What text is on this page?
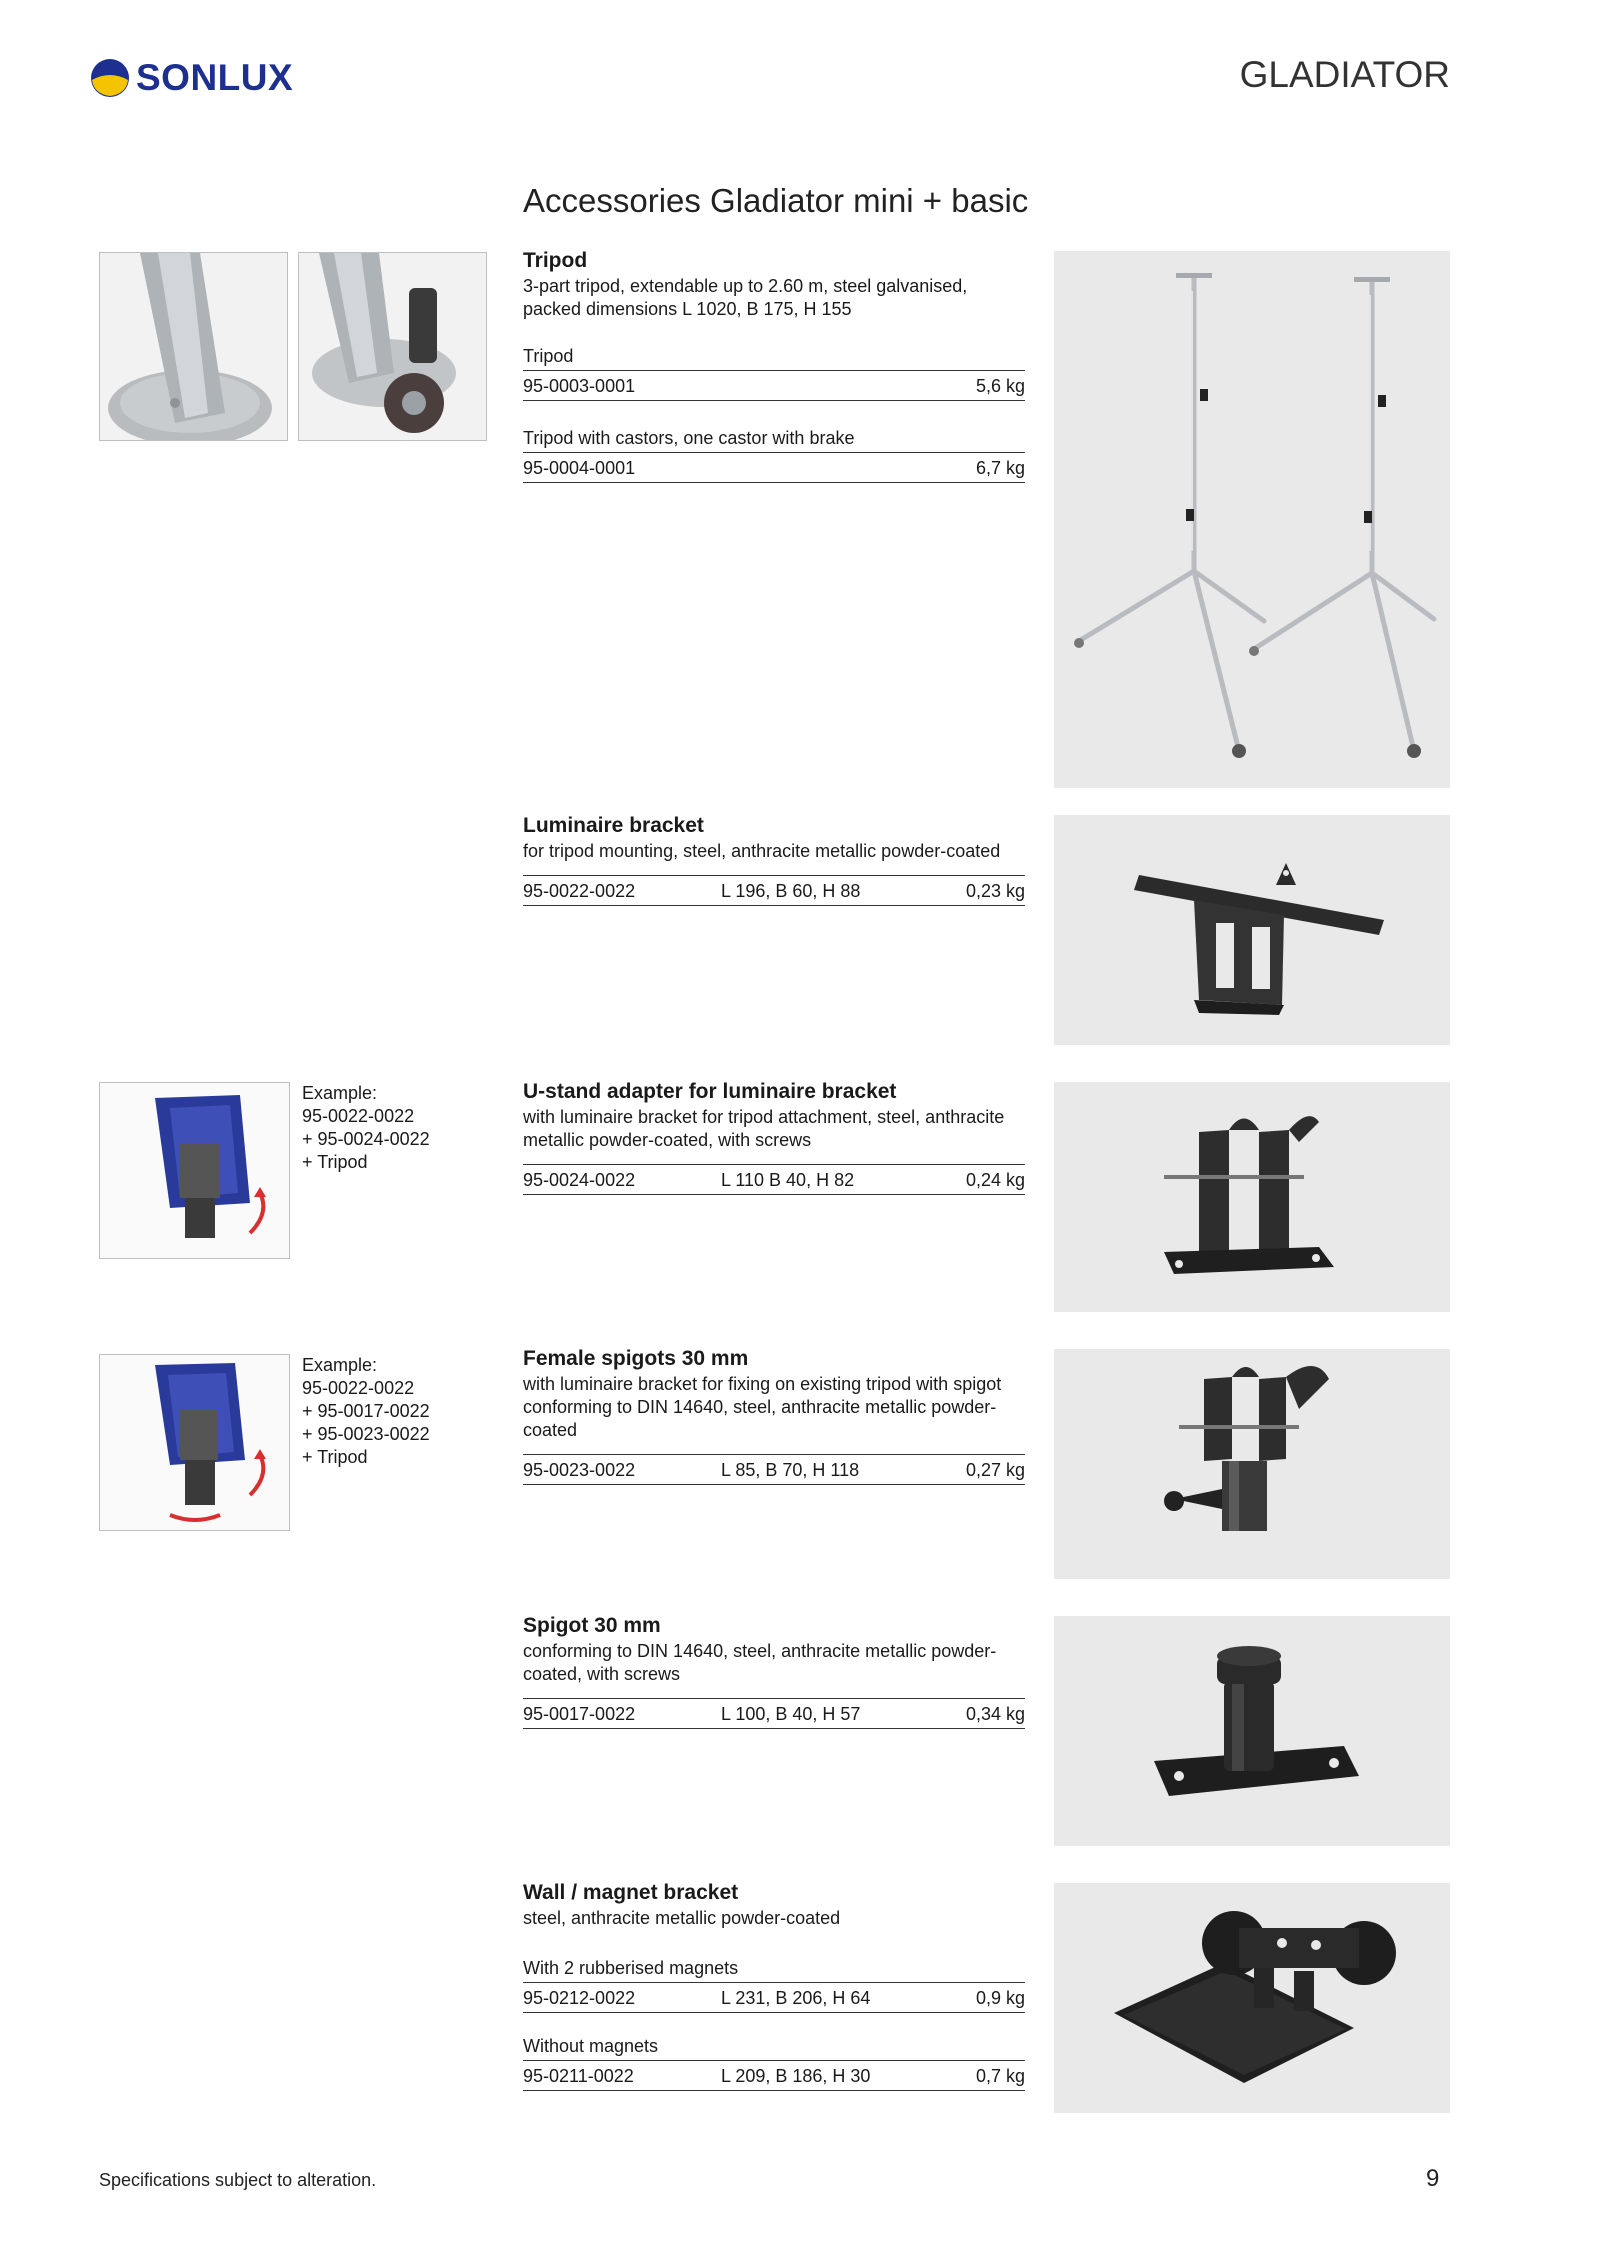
SONLUX	GLADIATOR
Accessories Gladiator mini + basic
Tripod
3-part tripod, extendable up to 2.60 m, steel galvanised, packed dimensions L 1020, B 175, H 155
Tripod
95-0003-0001	5,6 kg
Tripod with castors, one castor with brake
95-0004-0001	6,7 kg
Luminaire bracket
for tripod mounting, steel, anthracite metallic powder-coated
95-0022-0022	L 196, B 60, H 88	0,23 kg
Example:
95-0022-0022
+ 95-0024-0022
+ Tripod
U-stand adapter for luminaire bracket
with luminaire bracket for tripod attachment, steel, anthracite metallic powder-coated, with screws
95-0024-0022	L 110 B 40, H 82	0,24 kg
Example:
95-0022-0022
+ 95-0017-0022
+ 95-0023-0022
+ Tripod
Female spigots 30 mm
with luminaire bracket for fixing on existing tripod with spigot conforming to DIN 14640, steel, anthracite metallic powder-coated
95-0023-0022	L 85, B 70, H 118	0,27 kg
Spigot 30 mm
conforming to DIN 14640, steel, anthracite metallic powder-coated, with screws
95-0017-0022	L 100, B 40, H 57	0,34 kg
Wall / magnet bracket
steel, anthracite metallic powder-coated
With 2 rubberised magnets
95-0212-0022	L 231, B 206, H 64	0,9 kg
Without magnets
95-0211-0022	L 209, B 186, H 30	0,7 kg
Specifications subject to alteration.	9
